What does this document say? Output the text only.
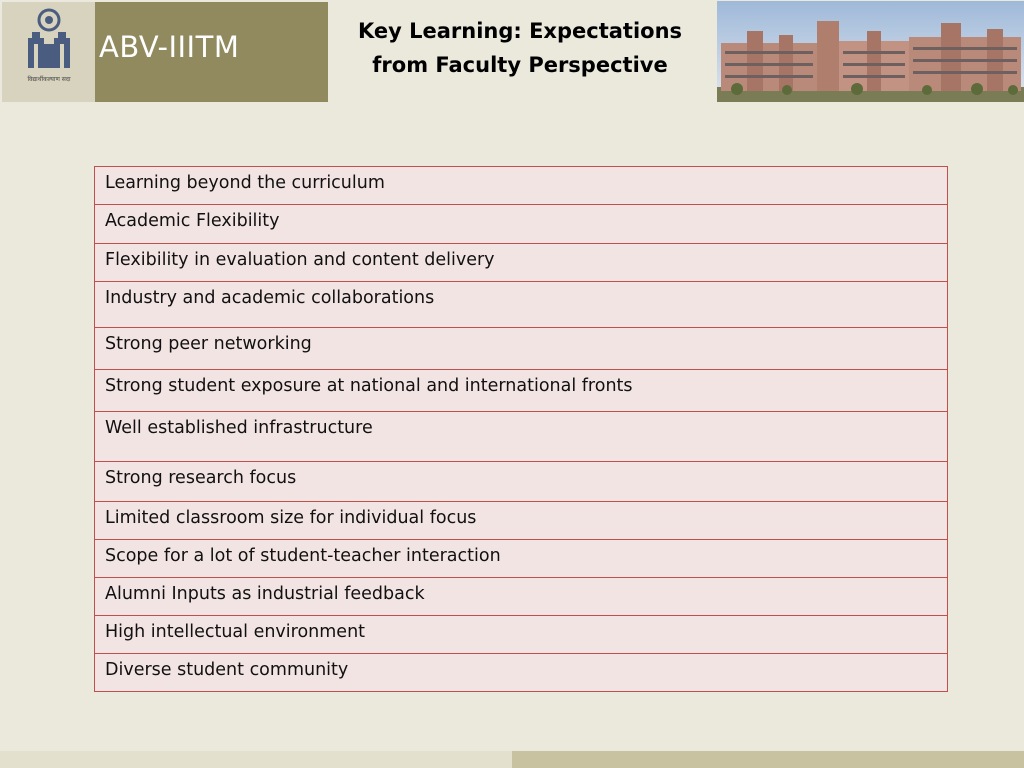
विद्यार्थीकल्याण सदा
ABV-IIITM	Key Learning: Expectations
from Faculty Perspective
Learning beyond the curriculum
Academic Flexibility
Flexibility in evaluation and content delivery
Industry and academic collaborations
Strong peer networking
Strong student exposure at national and international fronts
Well established infrastructure
Strong research focus
Limited classroom size for individual focus
Scope for a lot of student-teacher interaction
Alumni Inputs as industrial feedback
High intellectual environment
Diverse student community
